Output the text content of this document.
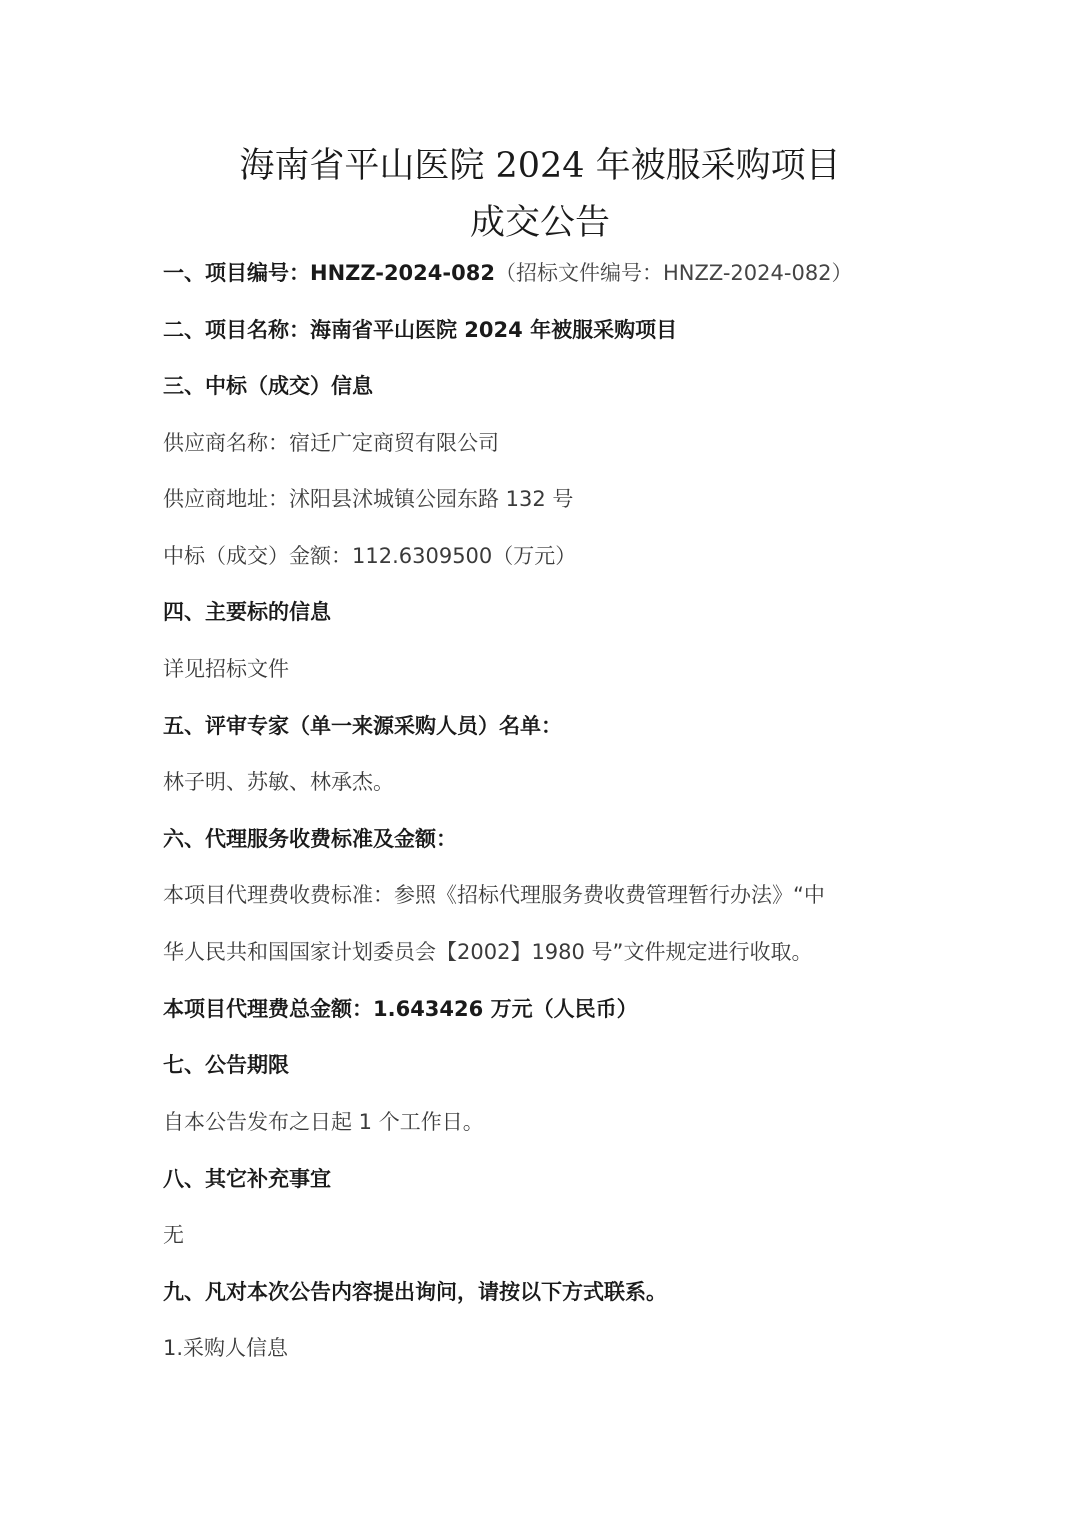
海南省平山医院 2024 年被服采购项目
成交公告
一、项目编号：HNZZ-2024-082（招标文件编号：HNZZ-2024-082）
二、项目名称：海南省平山医院 2024 年被服采购项目
三、中标（成交）信息
供应商名称：宿迁广定商贸有限公司
供应商地址：沭阳县沭城镇公园东路 132 号
中标（成交）金额：112.6309500（万元）
四、主要标的信息
详见招标文件
五、评审专家（单一来源采购人员）名单：
林子明、苏敏、林承杰。
六、代理服务收费标准及金额：
本项目代理费收费标准：参照《招标代理服务费收费管理暂行办法》“中
华人民共和国国家计划委员会【2002】1980 号”文件规定进行收取。
本项目代理费总金额：1.643426 万元（人民币）
七、公告期限
自本公告发布之日起 1 个工作日。
八、其它补充事宜
无
九、凡对本次公告内容提出询问，请按以下方式联系。
1.采购人信息
